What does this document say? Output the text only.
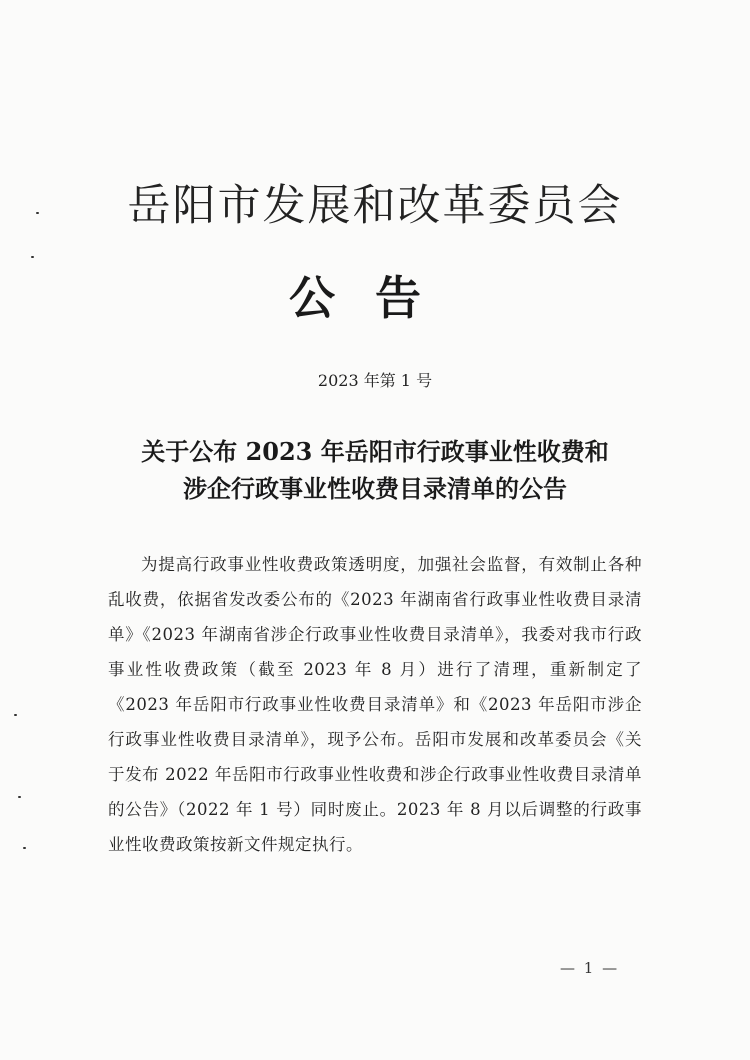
岳阳市发展和改革委员会
公告
2023 年第 1 号
关于公布 2023 年岳阳市行政事业性收费和
涉企行政事业性收费目录清单的公告
为提高行政事业性收费政策透明度，加强社会监督，有效制止各种乱收费，依据省发改委公布的《2023 年湖南省行政事业性收费目录清单》《2023 年湖南省涉企行政事业性收费目录清单》，我委对我市行政事业性收费政策（截至 2023 年 8 月）进行了清理，重新制定了《2023 年岳阳市行政事业性收费目录清单》和《2023 年岳阳市涉企行政事业性收费目录清单》，现予公布。岳阳市发展和改革委员会《关于发布 2022 年岳阳市行政事业性收费和涉企行政事业性收费目录清单的公告》（2022 年 1 号）同时废止。2023 年 8 月以后调整的行政事业性收费政策按新文件规定执行。
— 1 —
